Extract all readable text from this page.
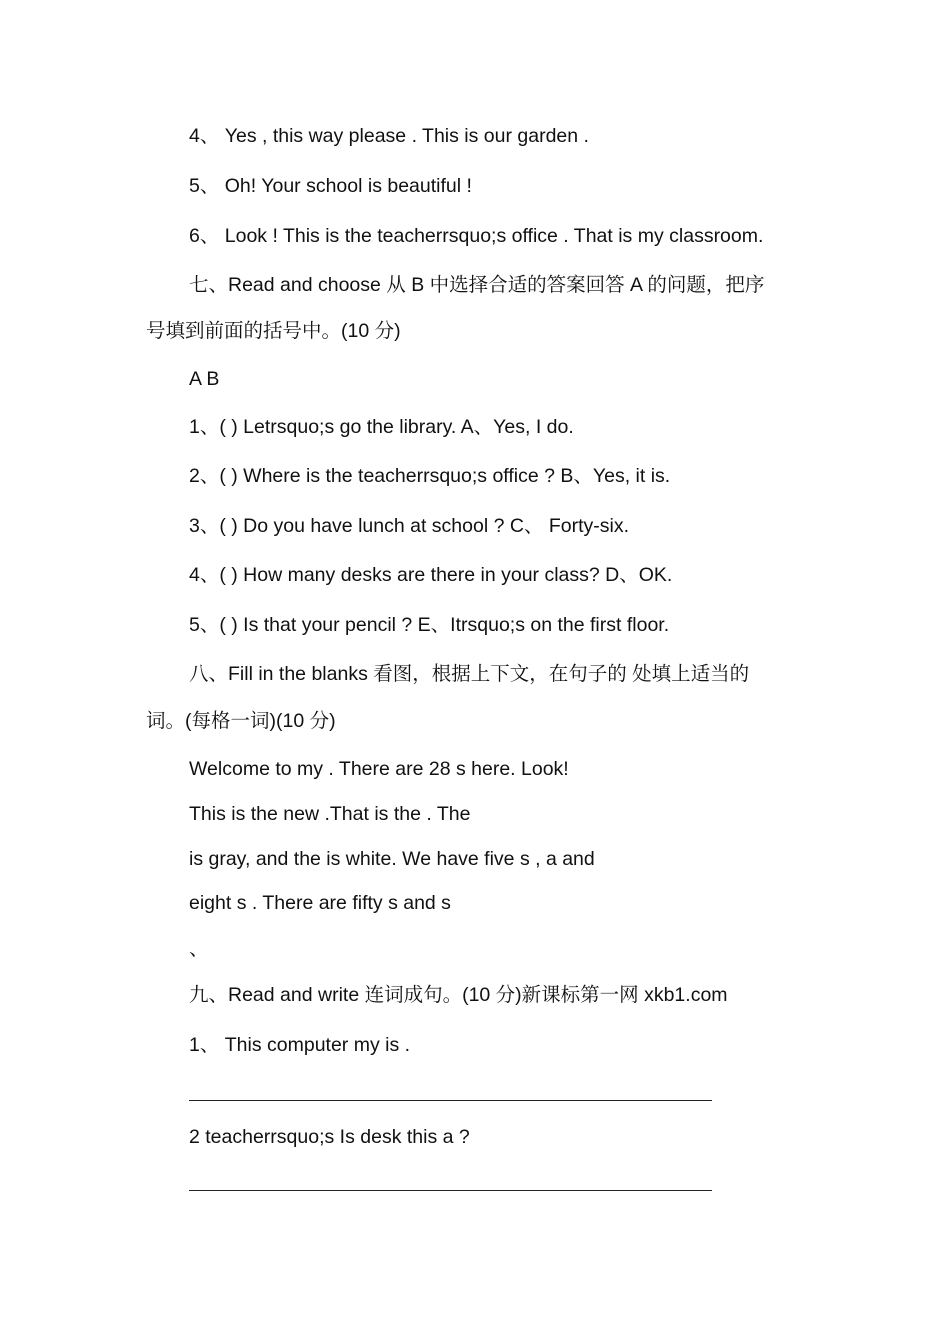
4、 Yes , this way please . This is our garden .
5、 Oh! Your school is beautiful !
6、 Look ! This is the teacherrsquo;s office . That is my classroom.
七、Read and choose 从 B 中选择合适的答案回答 A 的问题，把序
号填到前面的括号中。(10 分)
A B
1、( ) Letrsquo;s go the library. A、Yes, I do.
2、( ) Where is the teacherrsquo;s office ? B、Yes, it is.
3、( ) Do you have lunch at school ? C、 Forty-six.
4、( ) How many desks are there in your class? D、OK.
5、( ) Is that your pencil ? E、Itrsquo;s on the first floor.
八、Fill in the blanks 看图，根据上下文，在句子的 处填上适当的
词。(每格一词)(10 分)
Welcome to my . There are 28 s here. Look!
This is the new .That is the . The
is gray, and the is white. We have five s , a and
eight s . There are fifty s and s
、
九、Read and write 连词成句。(10 分)新课标第一网 xkb1.com
1、 This computer my is .
2 teacherrsquo;s Is desk this a ?
